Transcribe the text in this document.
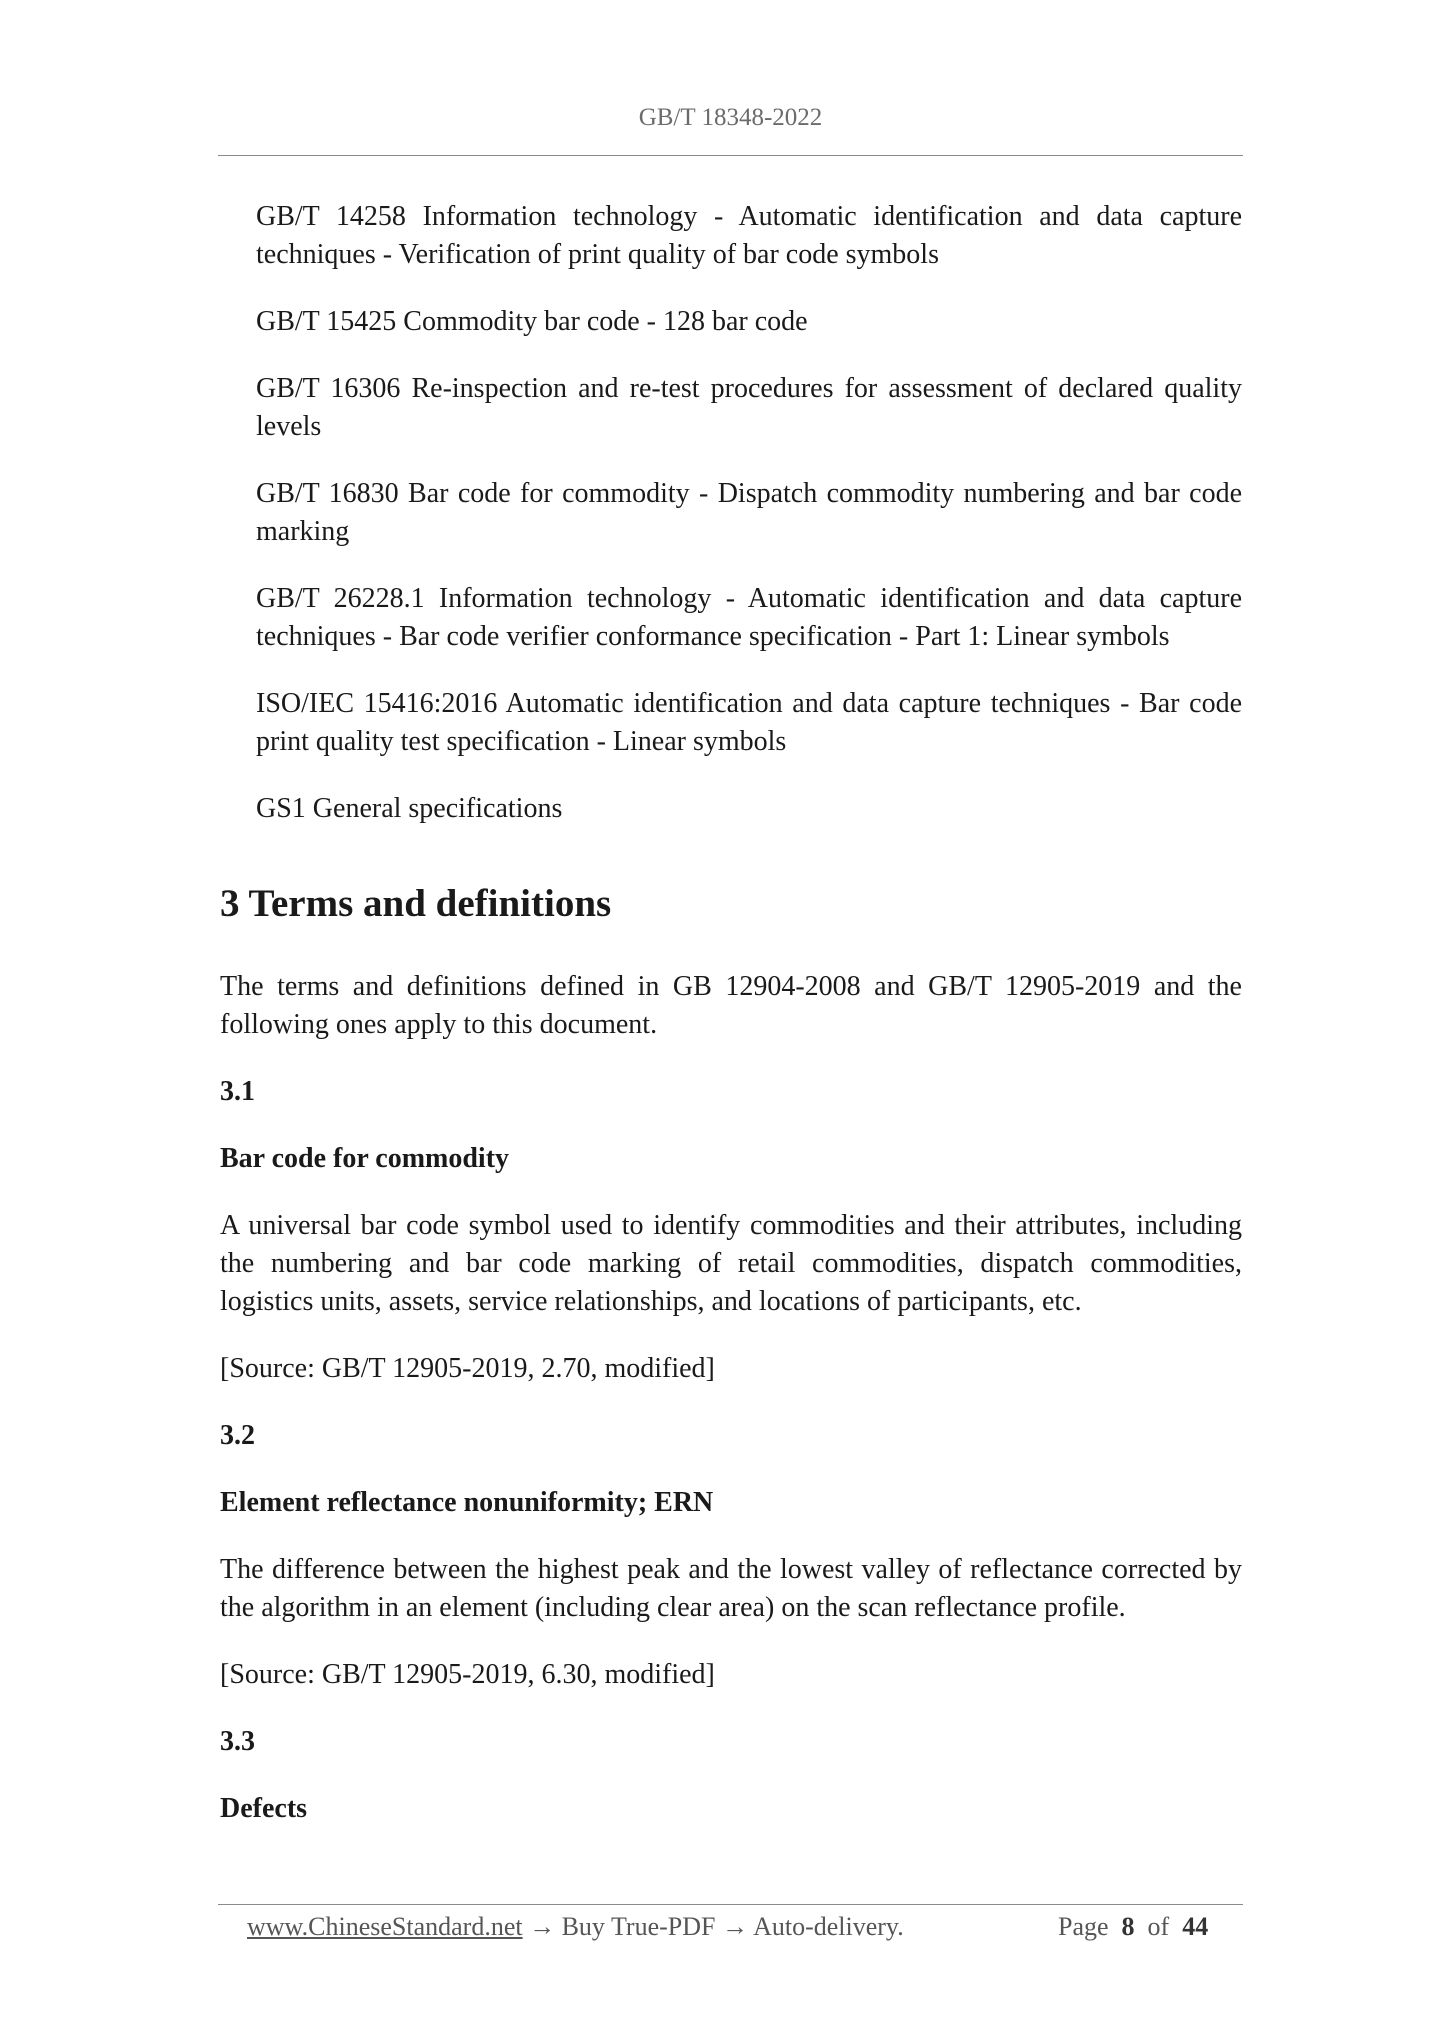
GB/T 18348-2022

GB/T 14258 Information technology - Automatic identification and data capture techniques - Verification of print quality of bar code symbols

GB/T 15425 Commodity bar code - 128 bar code

GB/T 16306 Re-inspection and re-test procedures for assessment of declared quality levels

GB/T 16830 Bar code for commodity - Dispatch commodity numbering and bar code marking

GB/T 26228.1 Information technology - Automatic identification and data capture techniques - Bar code verifier conformance specification - Part 1: Linear symbols

ISO/IEC 15416:2016 Automatic identification and data capture techniques - Bar code print quality test specification - Linear symbols

GS1 General specifications

3 Terms and definitions

The terms and definitions defined in GB 12904-2008 and GB/T 12905-2019 and the following ones apply to this document.

3.1

Bar code for commodity

A universal bar code symbol used to identify commodities and their attributes, including the numbering and bar code marking of retail commodities, dispatch commodities, logistics units, assets, service relationships, and locations of participants, etc.

[Source: GB/T 12905-2019, 2.70, modified]

3.2

Element reflectance nonuniformity; ERN

The difference between the highest peak and the lowest valley of reflectance corrected by the algorithm in an element (including clear area) on the scan reflectance profile.

[Source: GB/T 12905-2019, 6.30, modified]

3.3

Defects

www.ChineseStandard.net → Buy True-PDF → Auto-delivery.	Page 8 of 44
